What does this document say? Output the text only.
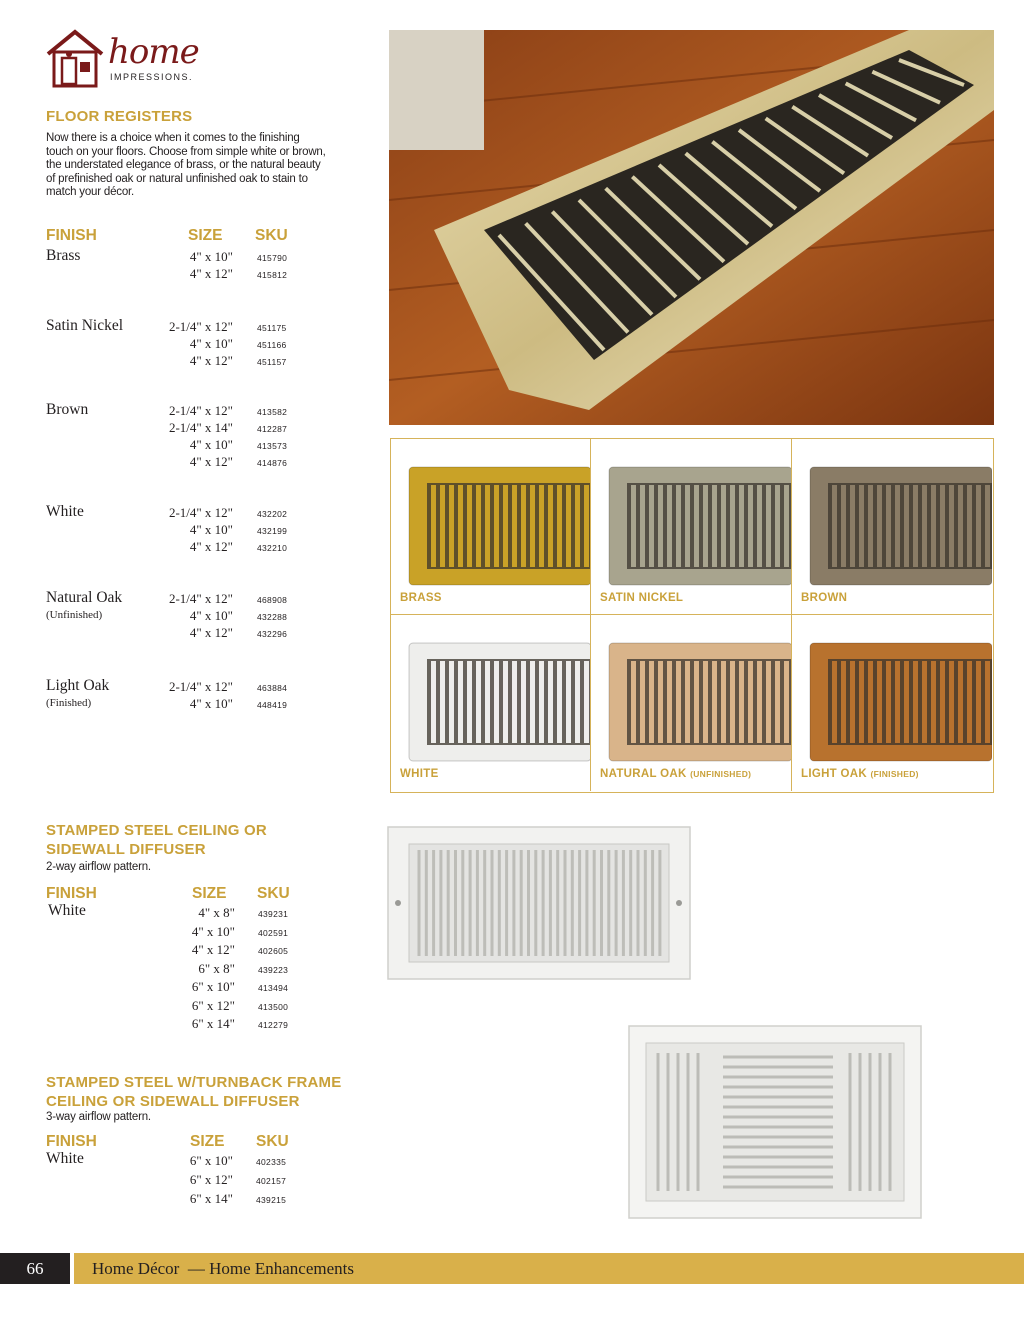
home
IMPRESSIONS.
FLOOR REGISTERS
Now there is a choice when it comes to the finishing
touch on your floors. Choose from simple white or brown,
the understated elegance of brass, or the natural beauty
of prefinished oak or natural unfinished oak to stain to
match your décor.
FINISH	SIZE SKU
Brass	4" x 10"	415790
4" x 12"	415812
Satin Nickel	2-1/4" x 12"	451175
4" x 10"	451166
4" x 12"	451157
Brown	2-1/4" x 12"	413582
2-1/4" x 14"	412287
4" x 10"	413573
4" x 12"	414876
White	2-1/4" x 12"	432202
4" x 10"	432199
4" x 12"	432210
Natural Oak
(Unfinished)
2-1/4" x 12"	468908
4" x 10"	432288
4" x 12"	432296
Light Oak
(Finished)
2-1/4" x 12"	463884
4" x 10"	448419
BRASS	SATIN NICKEL	BROWN
WHITE	NATURAL OAK (UNFINISHED)	LIGHT OAK (FINISHED)
STAMPED STEEL CEILING OR
SIDEWALL DIFFUSER
2-way airflow pattern.
FINISH	SIZE SKU
White	4" x 8"	439231
4" x 10"	402591
4" x 12"	402605
6" x 8"	439223
6" x 10"	413494
6" x 12"	413500
6" x 14"	412279
STAMPED STEEL W/TURNBACK FRAME
CEILING OR SIDEWALL DIFFUSER
3-way airflow pattern.
FINISH	SIZE SKU
White	6" x 10"	402335
6" x 12"	402157
6" x 14"	439215
66	Home Décor — Home Enhancements
